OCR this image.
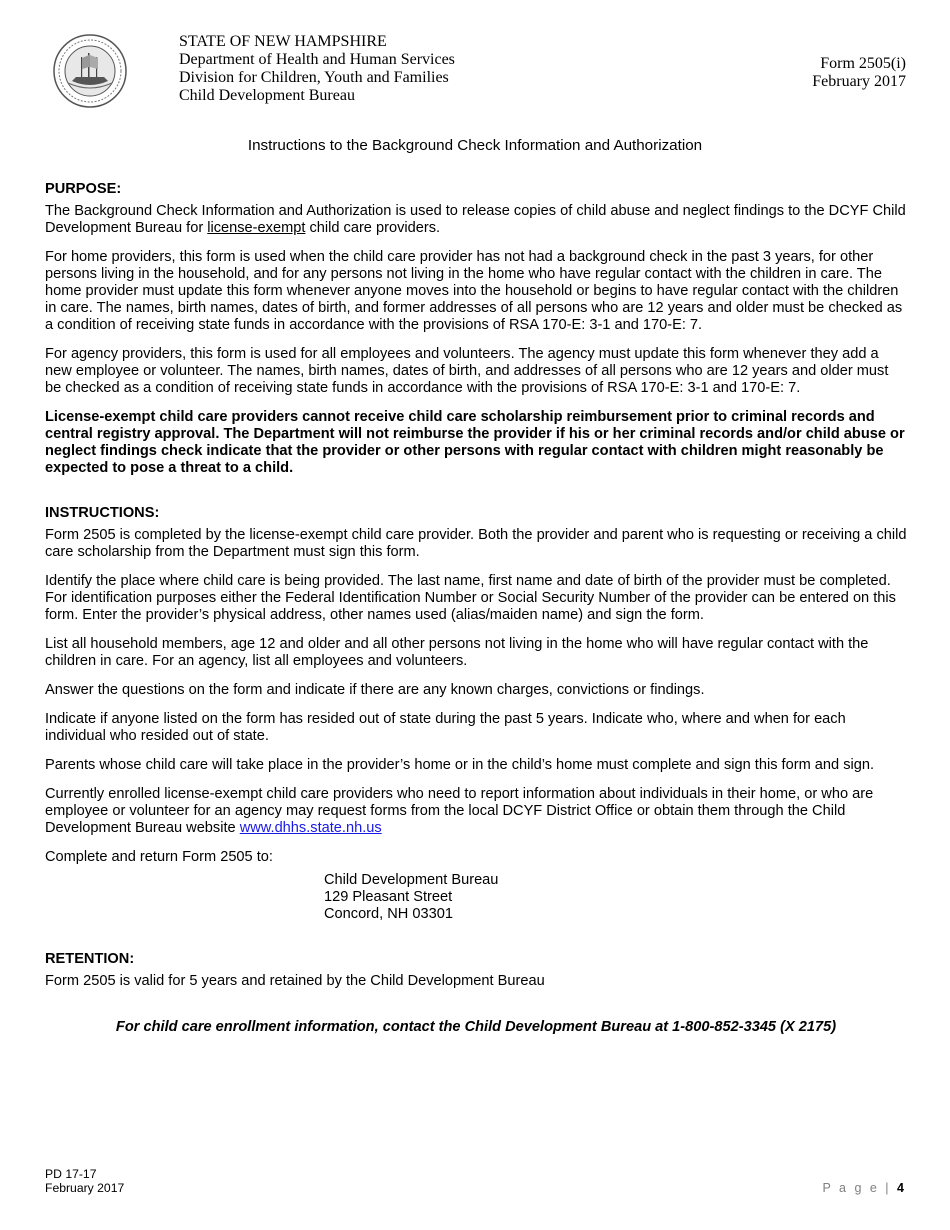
STATE OF NEW HAMPSHIRE
Department of Health and Human Services
Division for Children, Youth and Families
Child Development Bureau
Form 2505(i)
February 2017
Instructions to the Background Check Information and Authorization
PURPOSE:

The Background Check Information and Authorization is used to release copies of child abuse and neglect findings to the DCYF Child Development Bureau for license-exempt child care providers.

For home providers, this form is used when the child care provider has not had a background check in the past 3 years, for other persons living in the household, and for any persons not living in the home who have regular contact with the children in care. The home provider must update this form whenever anyone moves into the household or begins to have regular contact with the children in care. The names, birth names, dates of birth, and former addresses of all persons who are 12 years and older must be checked as a condition of receiving state funds in accordance with the provisions of RSA 170-E: 3-1 and 170-E: 7.

For agency providers, this form is used for all employees and volunteers. The agency must update this form whenever they add a new employee or volunteer. The names, birth names, dates of birth, and addresses of all persons who are 12 years and older must be checked as a condition of receiving state funds in accordance with the provisions of RSA 170-E: 3-1 and 170-E: 7.

License-exempt child care providers cannot receive child care scholarship reimbursement prior to criminal records and central registry approval. The Department will not reimburse the provider if his or her criminal records and/or child abuse or neglect findings check indicate that the provider or other persons with regular contact with children might reasonably be expected to pose a threat to a child.

INSTRUCTIONS:

Form 2505 is completed by the license-exempt child care provider. Both the provider and parent who is requesting or receiving a child care scholarship from the Department must sign this form.

Identify the place where child care is being provided. The last name, first name and date of birth of the provider must be completed. For identification purposes either the Federal Identification Number or Social Security Number of the provider can be entered on this form. Enter the provider’s physical address, other names used (alias/maiden name) and sign the form.

List all household members, age 12 and older and all other persons not living in the home who will have regular contact with the children in care. For an agency, list all employees and volunteers.

Answer the questions on the form and indicate if there are any known charges, convictions or findings.

Indicate if anyone listed on the form has resided out of state during the past 5 years. Indicate who, where and when for each individual who resided out of state.

Parents whose child care will take place in the provider’s home or in the child’s home must complete and sign this form and sign.

Currently enrolled license-exempt child care providers who need to report information about individuals in their home, or who are employee or volunteer for an agency may request forms from the local DCYF District Office or obtain them through the Child Development Bureau website www.dhhs.state.nh.us

Complete and return Form 2505 to:

Child Development Bureau
129 Pleasant Street
Concord, NH 03301
RETENTION:

Form 2505 is valid for 5 years and retained by the Child Development Bureau

For child care enrollment information, contact the Child Development Bureau at 1-800-852-3345 (X 2175)

PD 17-17
February 2017	P a g e | 4
